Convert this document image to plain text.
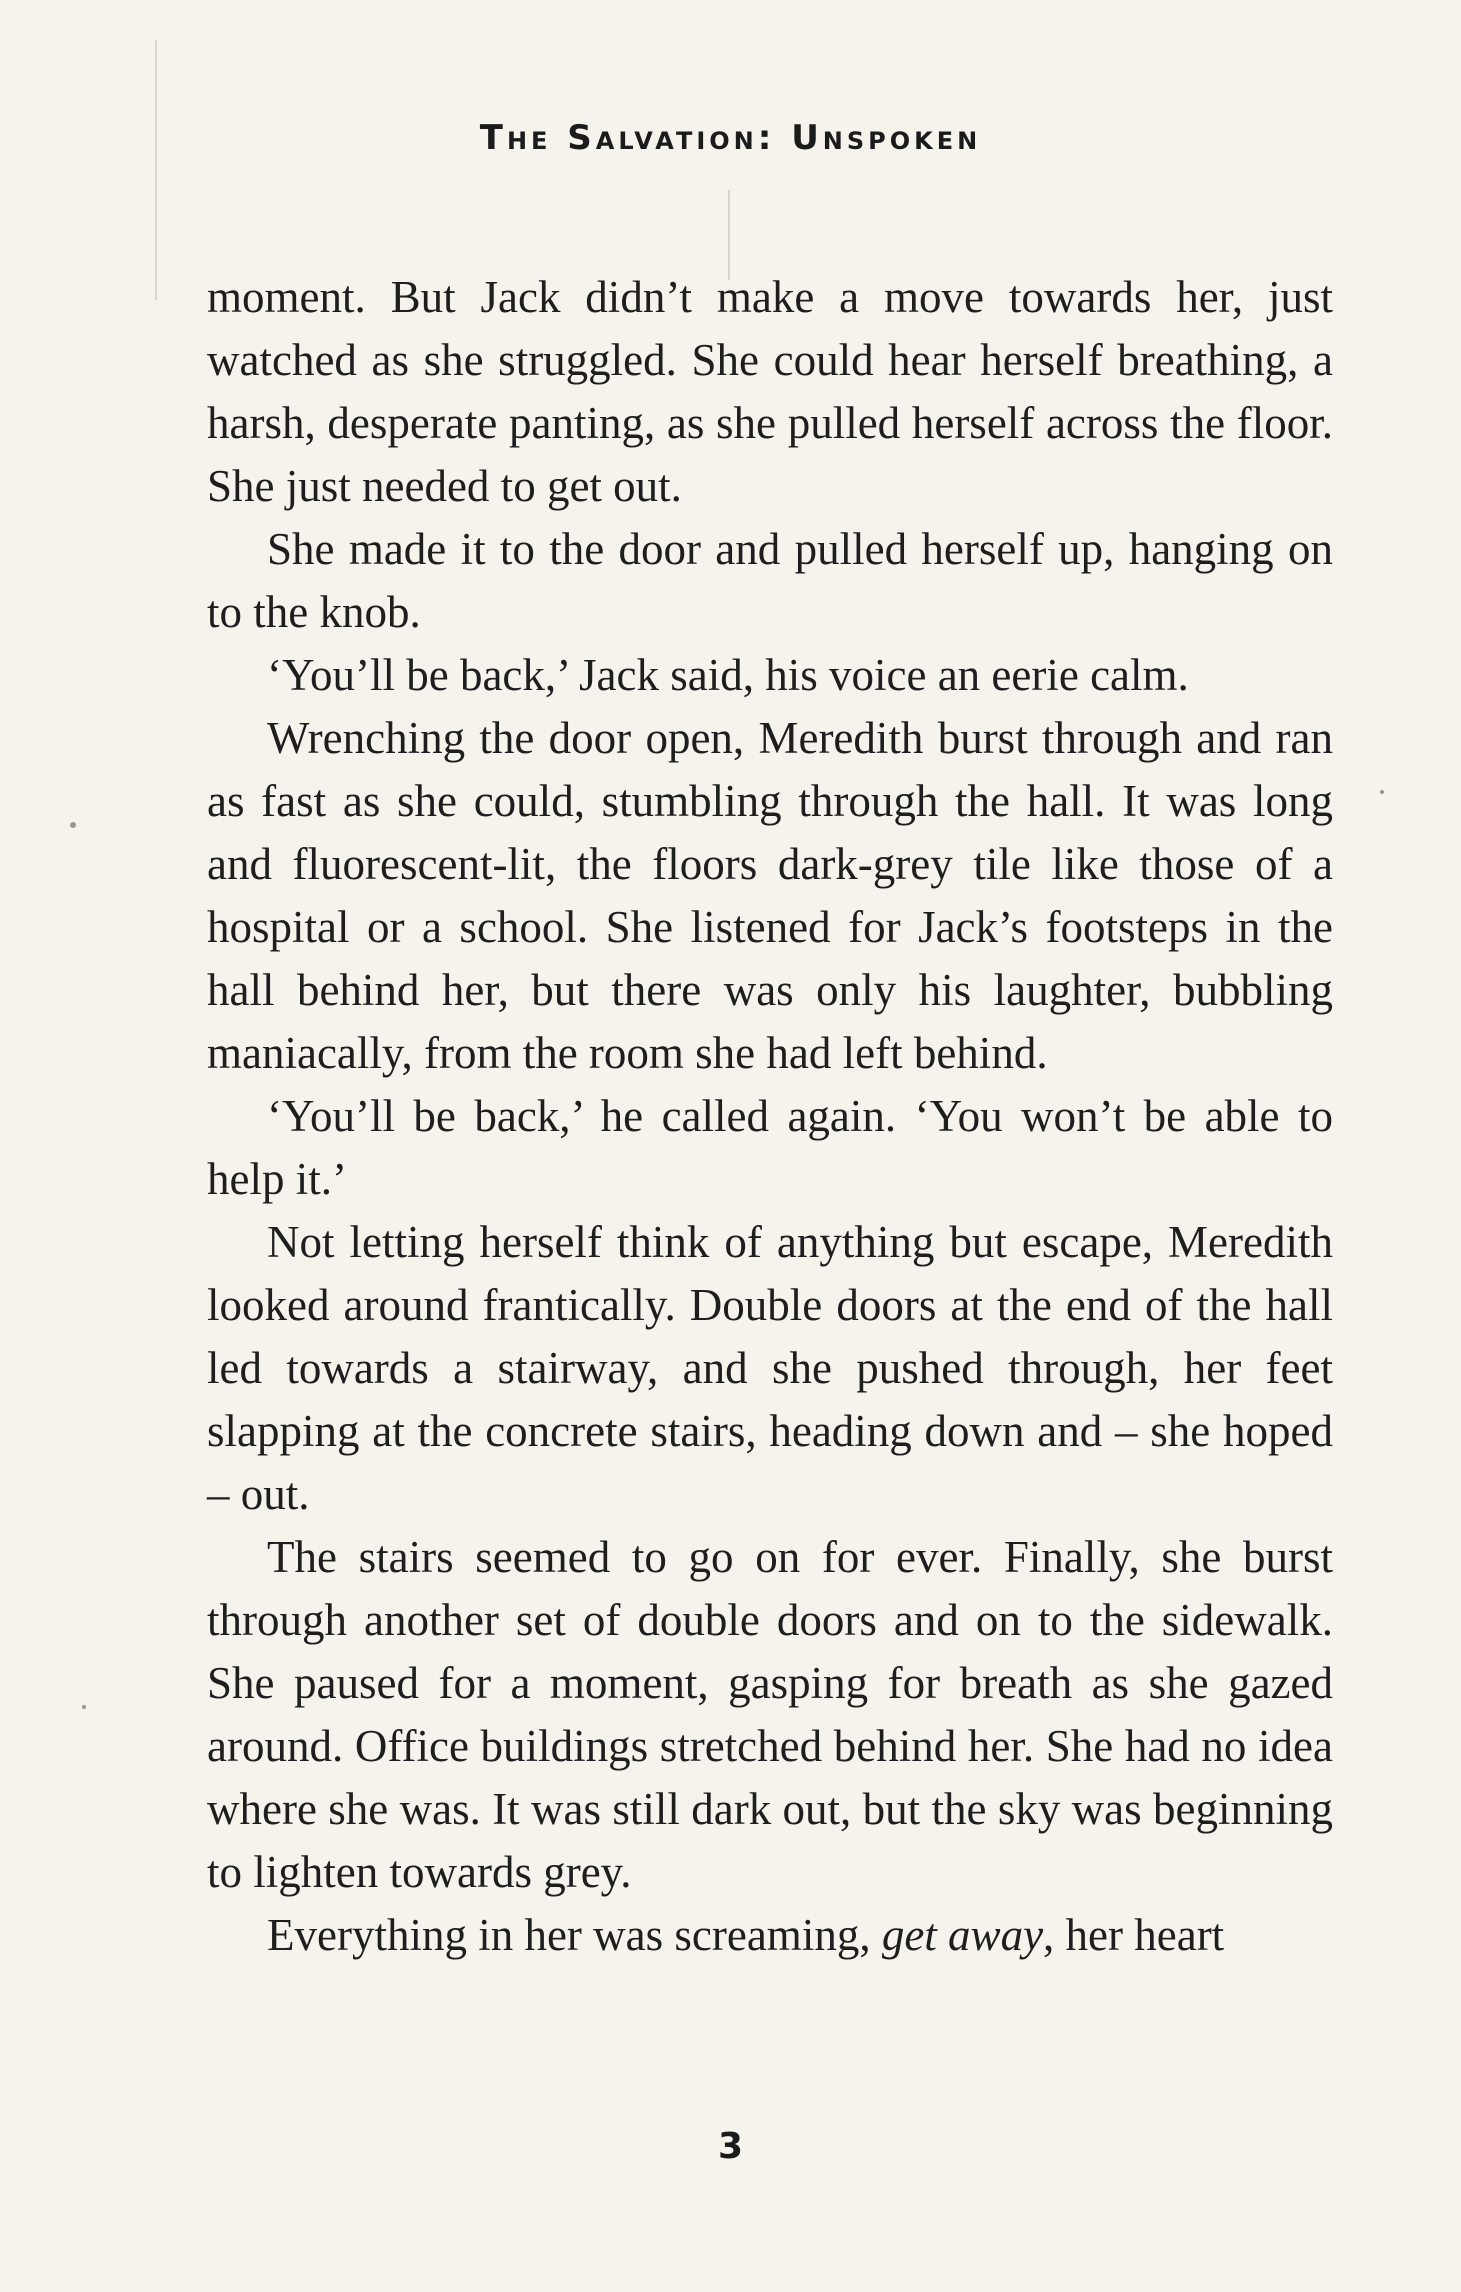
The Salvation: Unspoken

moment. But Jack didn’t make a move towards her, just watched as she struggled. She could hear herself breathing, a harsh, desperate panting, as she pulled herself across the floor. She just needed to get out.

She made it to the door and pulled herself up, hanging on to the knob.

‘You’ll be back,’ Jack said, his voice an eerie calm.

Wrenching the door open, Meredith burst through and ran as fast as she could, stumbling through the hall. It was long and fluorescent-lit, the floors dark-grey tile like those of a hospital or a school. She listened for Jack’s footsteps in the hall behind her, but there was only his laughter, bubbling maniacally, from the room she had left behind.

‘You’ll be back,’ he called again. ‘You won’t be able to help it.’

Not letting herself think of anything but escape, Meredith looked around frantically. Double doors at the end of the hall led towards a stairway, and she pushed through, her feet slapping at the concrete stairs, heading down and – she hoped – out.

The stairs seemed to go on for ever. Finally, she burst through another set of double doors and on to the sidewalk. She paused for a moment, gasping for breath as she gazed around. Office buildings stretched behind her. She had no idea where she was. It was still dark out, but the sky was beginning to lighten towards grey.

Everything in her was screaming, get away, her heart

3
